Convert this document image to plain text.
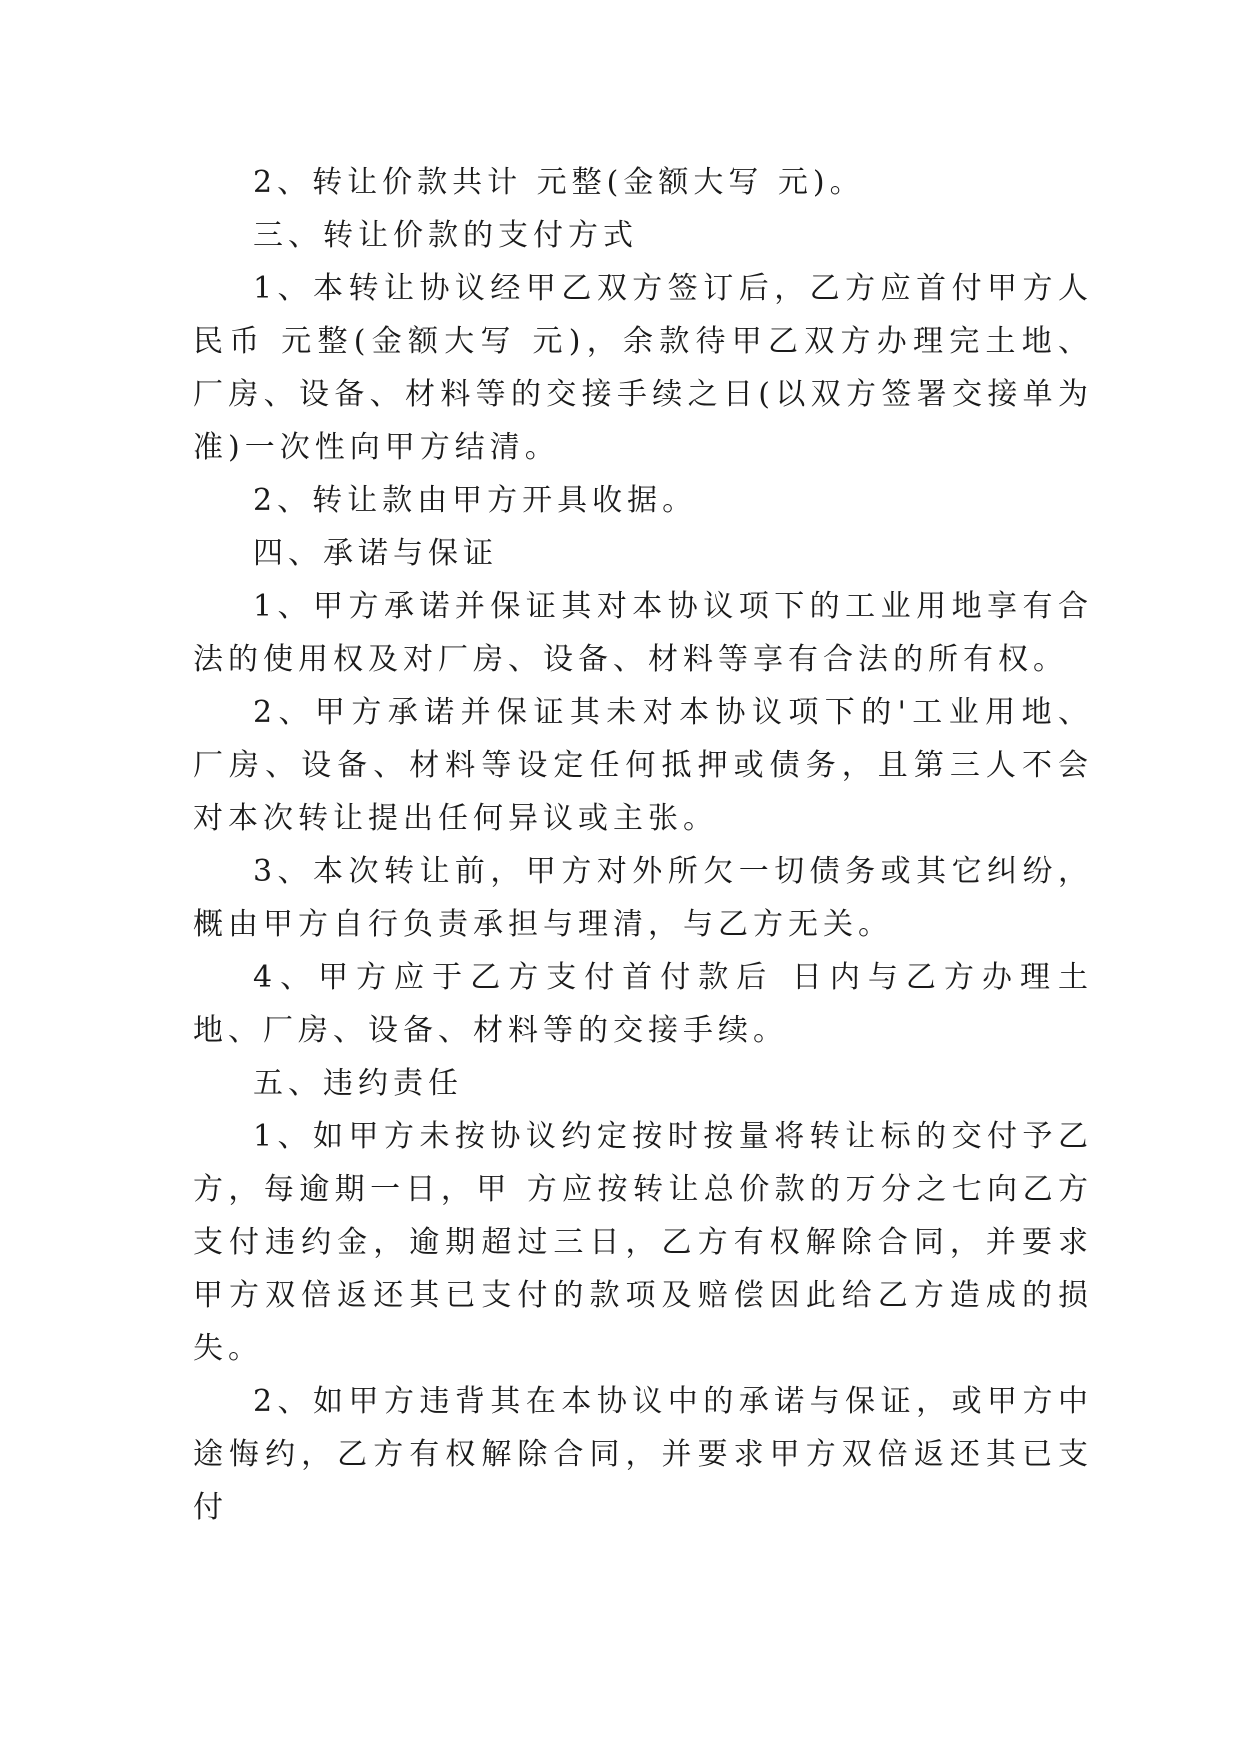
2、转让价款共计 元整(金额大写 元)。

三、转让价款的支付方式

1、本转让协议经甲乙双方签订后，乙方应首付甲方人民币 元整(金额大写 元)，余款待甲乙双方办理完土地、厂房、设备、材料等的交接手续之日(以双方签署交接单为准)一次性向甲方结清。

2、转让款由甲方开具收据。

四、承诺与保证

1、甲方承诺并保证其对本协议项下的工业用地享有合法的使用权及对厂房、设备、材料等享有合法的所有权。

2、甲方承诺并保证其未对本协议项下的'工业用地、厂房、设备、材料等设定任何抵押或债务，且第三人不会对本次转让提出任何异议或主张。

3、本次转让前，甲方对外所欠一切债务或其它纠纷，概由甲方自行负责承担与理清，与乙方无关。

4、甲方应于乙方支付首付款后 日内与乙方办理土地、厂房、设备、材料等的交接手续。

五、违约责任

1、如甲方未按协议约定按时按量将转让标的交付予乙方，每逾期一日，甲 方应按转让总价款的万分之七向乙方支付违约金，逾期超过三日，乙方有权解除合同，并要求甲方双倍返还其已支付的款项及赔偿因此给乙方造成的损失。

2、如甲方违背其在本协议中的承诺与保证，或甲方中途悔约，乙方有权解除合同，并要求甲方双倍返还其已支付
